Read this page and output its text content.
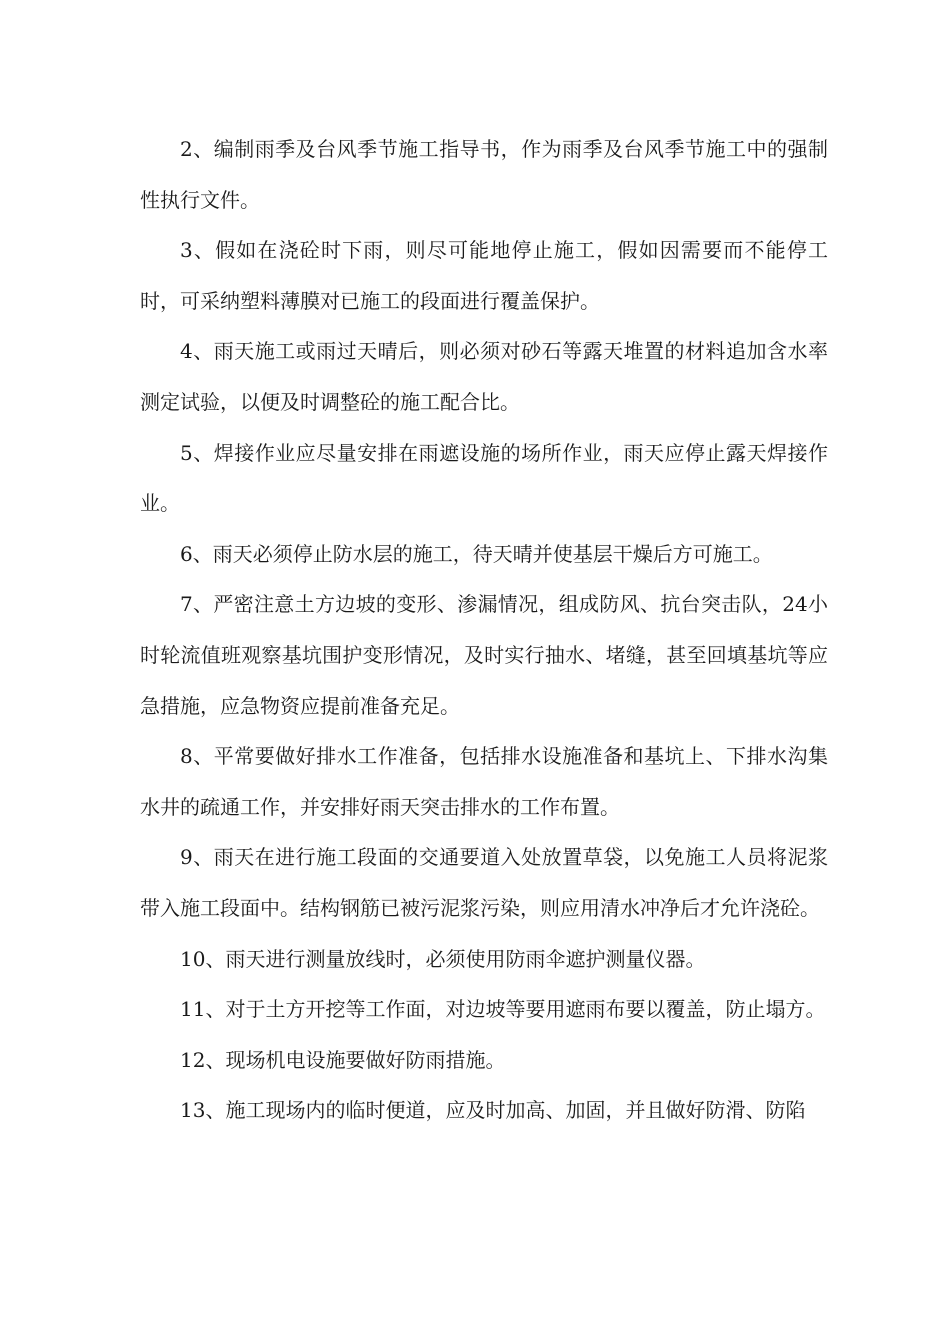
2、编制雨季及台风季节施工指导书，作为雨季及台风季节施工中的强制性执行文件。

3、假如在浇砼时下雨，则尽可能地停止施工，假如因需要而不能停工时，可采纳塑料薄膜对已施工的段面进行覆盖保护。

4、雨天施工或雨过天晴后，则必须对砂石等露天堆置的材料追加含水率测定试验，以便及时调整砼的施工配合比。

5、焊接作业应尽量安排在雨遮设施的场所作业，雨天应停止露天焊接作业。

6、雨天必须停止防水层的施工，待天晴并使基层干燥后方可施工。

7、严密注意土方边坡的变形、渗漏情况，组成防风、抗台突击队，24小时轮流值班观察基坑围护变形情况，及时实行抽水、堵缝，甚至回填基坑等应急措施，应急物资应提前准备充足。

8、平常要做好排水工作准备，包括排水设施准备和基坑上、下排水沟集水井的疏通工作，并安排好雨天突击排水的工作布置。

9、雨天在进行施工段面的交通要道入处放置草袋，以免施工人员将泥浆带入施工段面中。结构钢筋已被污泥浆污染，则应用清水冲净后才允许浇砼。

10、雨天进行测量放线时，必须使用防雨伞遮护测量仪器。

11、对于土方开挖等工作面，对边坡等要用遮雨布要以覆盖，防止塌方。

12、现场机电设施要做好防雨措施。

13、施工现场内的临时便道，应及时加高、加固，并且做好防滑、防陷
